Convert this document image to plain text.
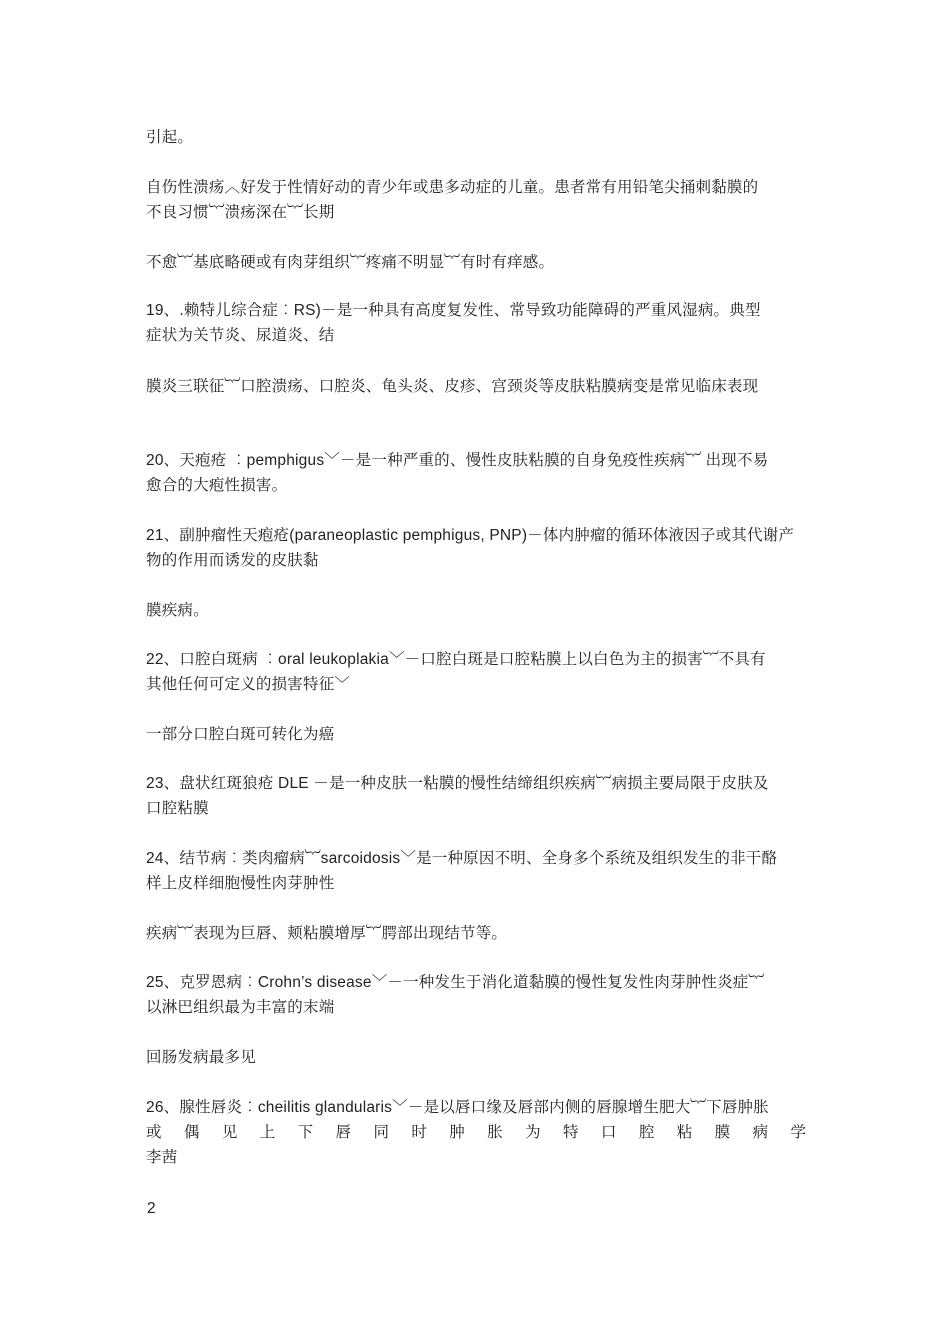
引起。
自伤性溃疡︿好发于性情好动的青少年或患多动症的儿童。患者常有用铅笔尖捅刺黏膜的
不良习惯︸溃疡深在︸长期
不愈︸基底略硬或有肉芽组织︸疼痛不明显︸有时有痒感。
19、.赖特儿综合症︰RS)－是一种具有高度复发性、常导致功能障碍的严重风湿病。典型
症状为关节炎、尿道炎、结
膜炎三联征︸口腔溃疡、口腔炎、龟头炎、皮疹、宫颈炎等皮肤粘膜病变是常见临床表现
20、天疱疮 ︰pemphigus﹀－是一种严重的、慢性皮肤粘膜的自身免疫性疾病︸ 出现不易
愈合的大疱性损害。
21、副肿瘤性天疱疮(paraneoplastic pemphigus, PNP)－体内肿瘤的循环体液因子或其代谢产
物的作用而诱发的皮肤黏
膜疾病。
22、口腔白斑病 ︰oral leukoplakia﹀－口腔白斑是口腔粘膜上以白色为主的损害︸不具有
其他任何可定义的损害特征﹀
一部分口腔白斑可转化为癌
23、盘状红斑狼疮 DLE －是一种皮肤一粘膜的慢性结缔组织疾病︸病损主要局限于皮肤及
口腔粘膜
24、结节病︰类肉瘤病︸sarcoidosis﹀是一种原因不明、全身多个系统及组织发生的非干酪
样上皮样细胞慢性肉芽肿性
疾病︸表现为巨唇、颊粘膜增厚︸腭部出现结节等。
25、克罗恩病︰Crohn’s disease﹀－一种发生于消化道黏膜的慢性复发性肉芽肿性炎症︸
以淋巴组织最为丰富的末端
回肠发病最多见
26、腺性唇炎︰cheilitis glandularis﹀－是以唇口缘及唇部内侧的唇腺增生肥大︸下唇肿胀
或偶见上下唇同时肿胀为特口腔粘膜病学
李茜
2
